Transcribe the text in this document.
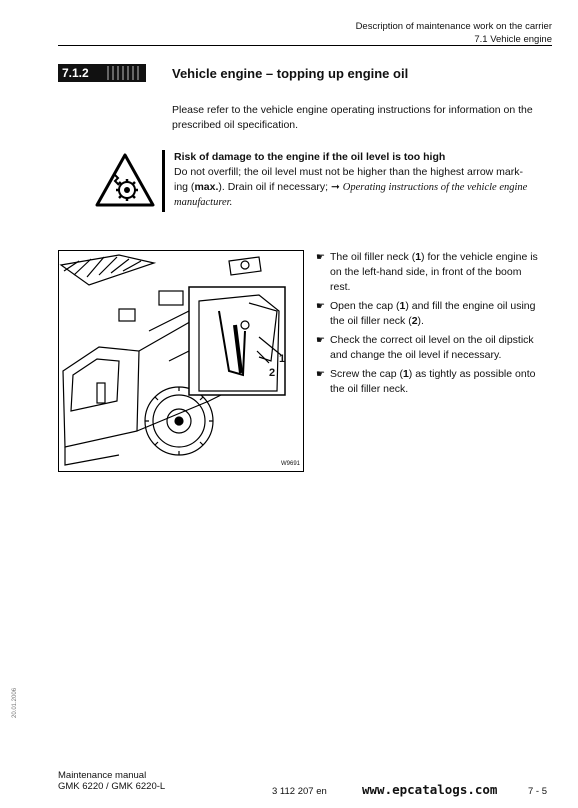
Description of maintenance work on the carrier
7.1 Vehicle engine
7.1.2	Vehicle engine – topping up engine oil
Please refer to the vehicle engine operating instructions for information on the
prescribed oil specification.
Risk of damage to the engine if the oil level is too high
Do not overfill; the oil level must not be higher than the highest arrow mark-
ing (max.). Drain oil if necessary; ➞ Operating instructions of the vehicle engine
manufacturer.
1
2
W9691
☛ The oil filler neck (1) for the vehicle engine is
on the left-hand side, in front of the boom
rest.
☛ Open the cap (1) and fill the engine oil using
the oil filler neck (2).
☛ Check the correct oil level on the oil dipstick
and change the oil level if necessary.
☛ Screw the cap (1) as tightly as possible onto
the oil filler neck.
20.01.2006
Maintenance manual
GMK 6220 / GMK 6220-L	3 112 207 en	www.epcatalogs.com	7 - 5
